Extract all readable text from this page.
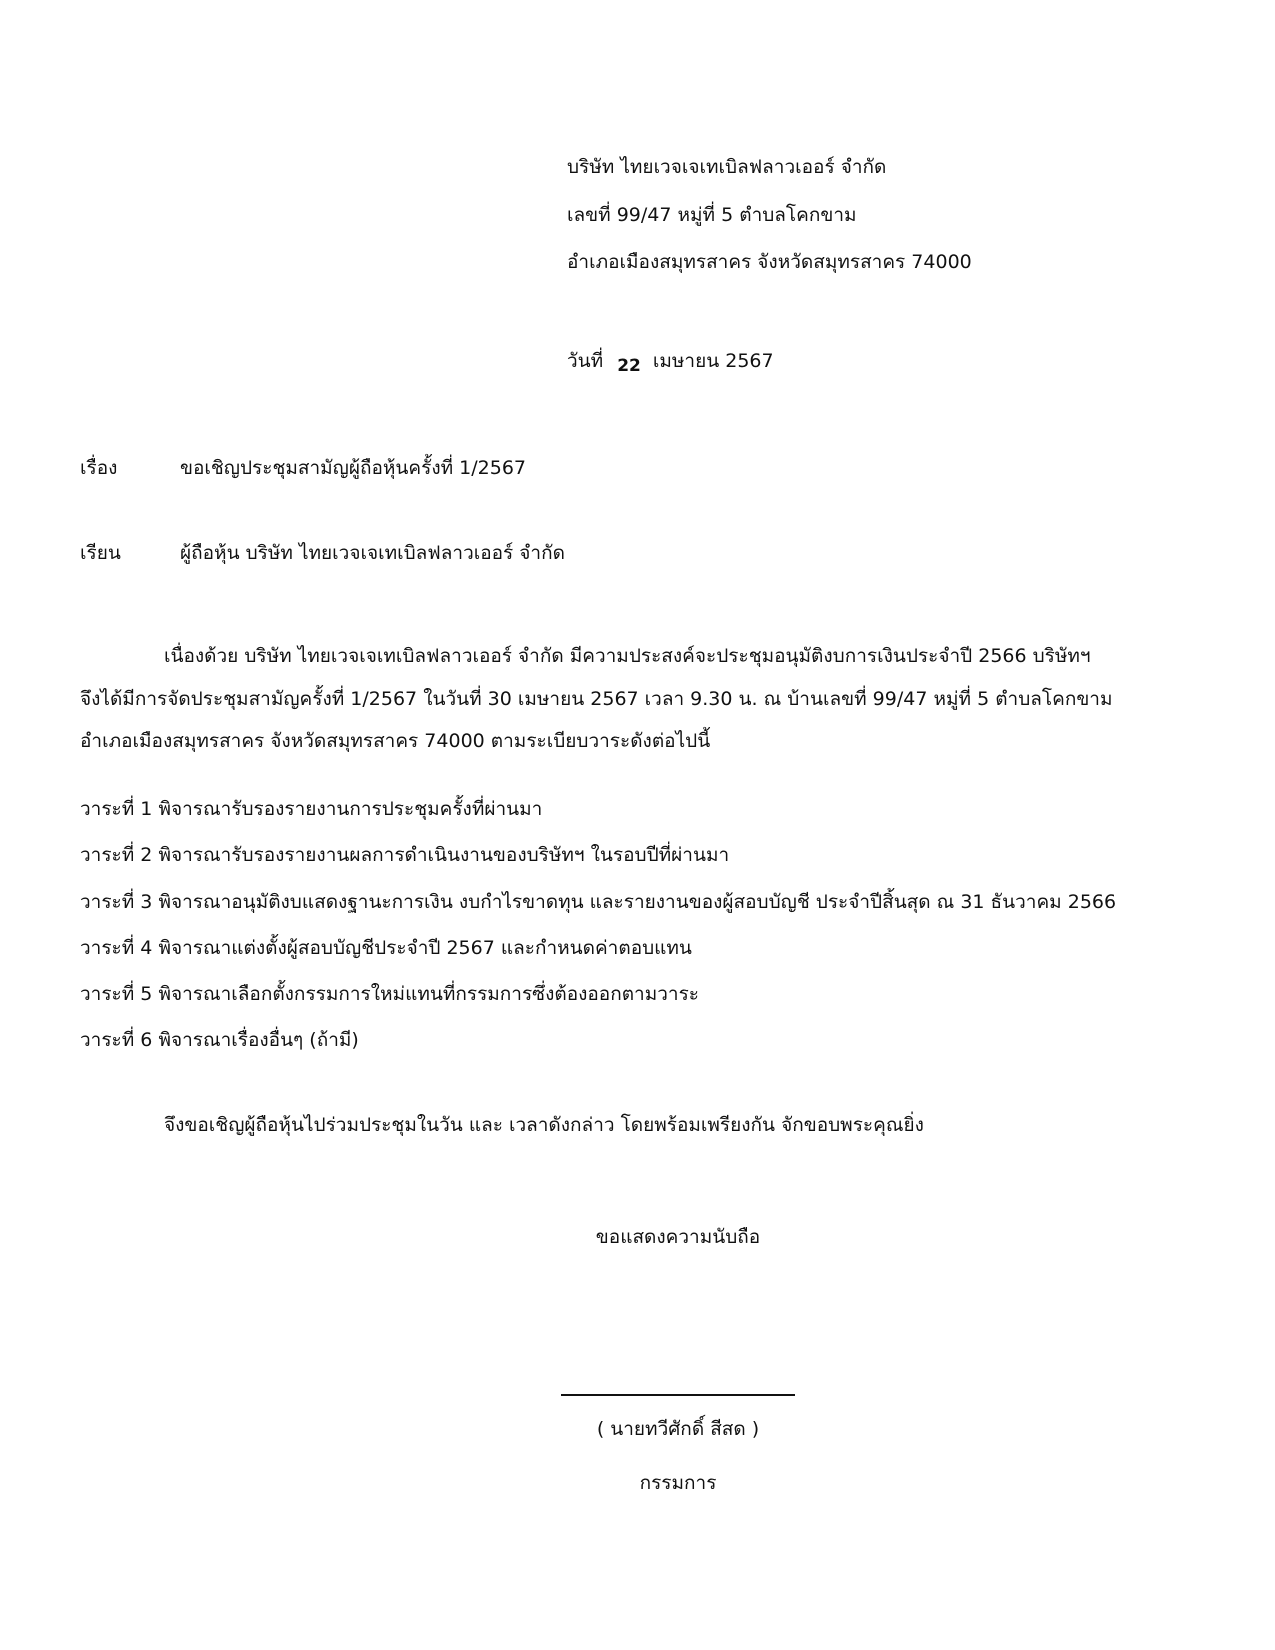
บริษัท ไทยเวจเจเทเบิลฟลาวเออร์ จำกัด
เลขที่ 99/47 หมู่ที่ 5 ตำบลโคกขาม
อำเภอเมืองสมุทรสาคร จังหวัดสมุทรสาคร 74000
วันที่ 22 เมษายน 2567
เรื่อง	ขอเชิญประชุมสามัญผู้ถือหุ้นครั้งที่ 1/2567
เรียน	ผู้ถือหุ้น บริษัท ไทยเวจเจเทเบิลฟลาวเออร์ จำกัด
เนื่องด้วย บริษัท ไทยเวจเจเทเบิลฟลาวเออร์ จำกัด มีความประสงค์จะประชุมอนุมัติงบการเงินประจำปี 2566 บริษัทฯ
จึงได้มีการจัดประชุมสามัญครั้งที่ 1/2567 ในวันที่ 30 เมษายน 2567 เวลา 9.30 น. ณ บ้านเลขที่ 99/47 หมู่ที่ 5 ตำบลโคกขาม
อำเภอเมืองสมุทรสาคร จังหวัดสมุทรสาคร 74000 ตามระเบียบวาระดังต่อไปนี้
วาระที่ 1 พิจารณารับรองรายงานการประชุมครั้งที่ผ่านมา
วาระที่ 2 พิจารณารับรองรายงานผลการดำเนินงานของบริษัทฯ ในรอบปีที่ผ่านมา
วาระที่ 3 พิจารณาอนุมัติงบแสดงฐานะการเงิน งบกำไรขาดทุน และรายงานของผู้สอบบัญชี ประจำปีสิ้นสุด ณ 31 ธันวาคม 2566
วาระที่ 4 พิจารณาแต่งตั้งผู้สอบบัญชีประจำปี 2567 และกำหนดค่าตอบแทน
วาระที่ 5 พิจารณาเลือกตั้งกรรมการใหม่แทนที่กรรมการซึ่งต้องออกตามวาระ
วาระที่ 6 พิจารณาเรื่องอื่นๆ (ถ้ามี)
จึงขอเชิญผู้ถือหุ้นไปร่วมประชุมในวัน และ เวลาดังกล่าว โดยพร้อมเพรียงกัน จักขอบพระคุณยิ่ง
ขอแสดงความนับถือ
( นายทวีศักดิ์ สีสด )
กรรมการ
